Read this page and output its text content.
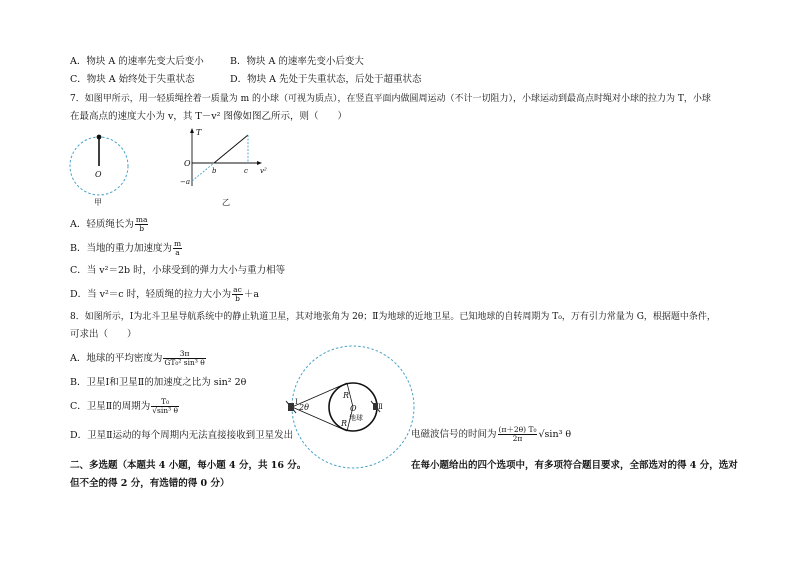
A．物块 A 的速率先变大后变小	B．物块 A 的速率先变小后变大
C．物块 A 始终处于失重状态	D．物块 A 先处于失重状态，后处于超重状态
7．如图甲所示，用一轻质绳拴着一质量为 m 的小球（可视为质点），在竖直平面内做圆周运动（不计一切阻力），小球运动到最高点时绳对小球的拉力为 T，小球
在最高点的速度大小为 v，其 T－v² 图像如图乙所示，则（　　）
O
甲
T
v²
O
−a
b	c
乙
A．轻质绳长为 $\frac{ma}{b}$
B．当地的重力加速度为 $\frac{m}{a}$
C．当 v²＝2b 时，小球受到的弹力大小与重力相等
D．当 v²＝c 时，轻质绳的拉力大小为 $\frac{ac}{b} +a$
8．如图所示，Ⅰ为北斗卫星导航系统中的静止轨道卫星，其对地张角为 2θ；Ⅱ为地球的近地卫星。已知地球的自转周期为 T₀，万有引力常量为 G，根据题中条件，
可求出（　　）
A．地球的平均密度为 $\frac{3\pi}{\text{GT₀² sin³ θ}}$
B．卫星Ⅰ和卫星Ⅱ的加速度之比为 sin² 2θ
C．卫星Ⅱ的周期为 $\frac{\text{T₀}}{\text{√sin³ θ}}$
D．卫星Ⅱ运动的每个周期内无法直接接收到卫星发出	电磁波信号的时间为 $\frac{\text{(π＋2θ) T₀}}{2\pi} √\sin^3$ θ
Ⅰ
2θ	O
R
R
地球
Ⅱ
二、多选题（本题共 4 小题，每小题 4 分，共 16 分。	在每小题给出的四个选项中，有多项符合题目要求，全部选对的得 4 分，选对
但不全的得 2 分，有选错的得 0 分）
